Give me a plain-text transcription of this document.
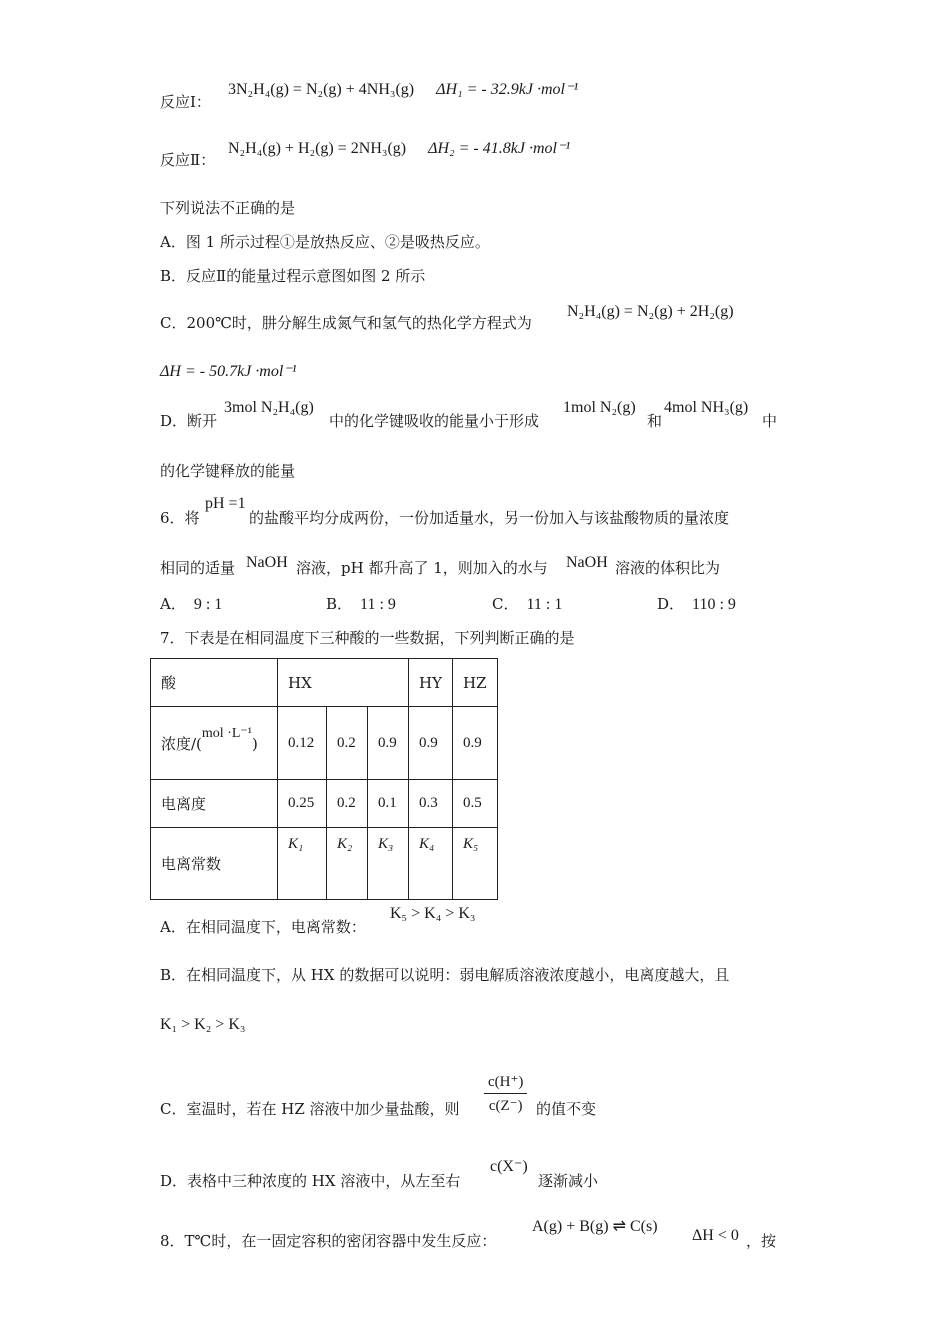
反应Ⅰ：
3N₂H₄(g) = N₂(g) + 4NH₃(g) ΔH₁ = - 32.9kJ ·mol⁻¹
反应Ⅱ：
N₂H₄(g) + H₂(g) = 2NH₃(g) ΔH₂ = - 41.8kJ ·mol⁻¹
下列说法不正确的是
A．图 1 所示过程①是放热反应、②是吸热反应。
B．反应Ⅱ的能量过程示意图如图 2 所示
C．200℃时，肼分解生成氮气和氢气的热化学方程式为
N₂H₄(g) = N₂(g) + 2H₂(g)
ΔH = - 50.7kJ ·mol⁻¹
D．断开
3mol N₂H₄(g)
中的化学键吸收的能量小于形成
1mol N₂(g)
和
4mol NH₃(g)
中
的化学键释放的能量
6．将
pH =1
的盐酸平均分成两份，一份加适量水，另一份加入与该盐酸物质的量浓度
相同的适量 NaOH 溶液，pH 都升高了 1，则加入的水与 NaOH 溶液的体积比为
A． 9 : 1	B． 11 : 9	C． 11 : 1	D． 110 : 9
7．下表是在相同温度下三种酸的一些数据，下列判断正确的是
酸	HX			HY	HZ
浓度/(mol ·L⁻¹)	0.12	0.2	0.9	0.9	0.9
电离度	0.25	0.2	0.1	0.3	0.5
电离常数	K₁	K₂	K₃	K₄	K₅
A．在相同温度下，电离常数：
K₅ > K₄ > K₃
B．在相同温度下，从 HX 的数据可以说明：弱电解质溶液浓度越小，电离度越大，且
K₁ > K₂ > K₃
C．室温时，若在 HZ 溶液中加少量盐酸，则 $\frac{c(H^+)}{c(Z^-)}$ 的值不变
D．表格中三种浓度的 HX 溶液中，从左至右
c(X⁻)
逐渐减小
8．T℃时，在一固定容积的密闭容器中发生反应：
A(g) + B(g) ⇌ C(s)
ΔH < 0 ，按
